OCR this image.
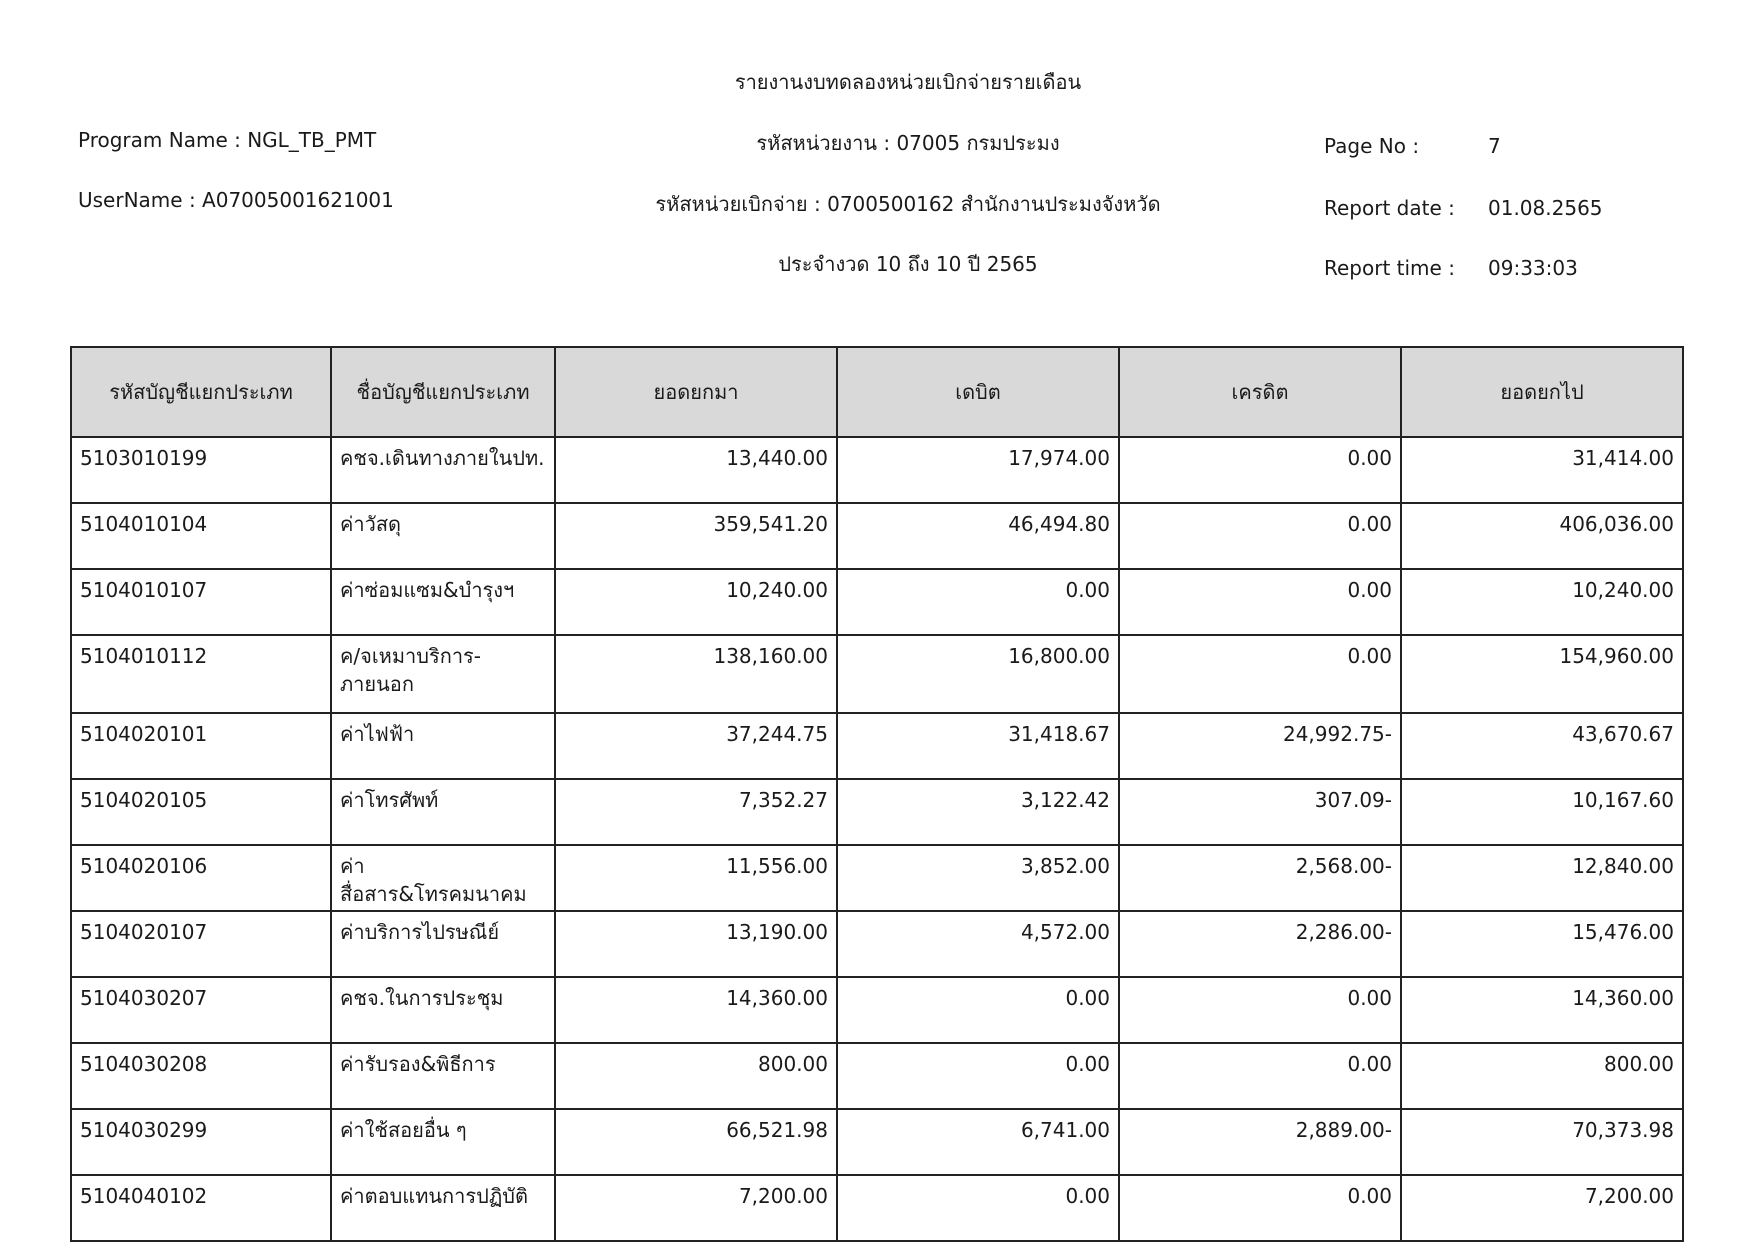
รายงานงบทดลองหน่วยเบิกจ่ายรายเดือน
Program Name : NGL_TB_PMT	รหัสหน่วยงาน : 07005 กรมประมง	Page No :	7
UserName : A07005001621001	รหัสหน่วยเบิกจ่าย : 0700500162 สำนักงานประมงจังหวัด	Report date : 01.08.2565
ประจำงวด 10 ถึง 10 ปี 2565	Report time : 09:33:03
รหัสบัญชีแยกประเภท	ชื่อบัญชีแยกประเภท	ยอดยกมา	เดบิต	เครดิต	ยอดยกไป
5103010199	คชจ.เดินทางภายในปท.	13,440.00	17,974.00	0.00	31,414.00
5104010104	ค่าวัสดุ	359,541.20	46,494.80	0.00	406,036.00
5104010107	ค่าซ่อมแซม&บำรุงฯ	10,240.00	0.00	0.00	10,240.00
5104010112	ค/จเหมาบริการ-ภายนอก	138,160.00	16,800.00	0.00	154,960.00
5104020101	ค่าไฟฟ้า	37,244.75	31,418.67	24,992.75-	43,670.67
5104020105	ค่าโทรศัพท์	7,352.27	3,122.42	307.09-	10,167.60
5104020106	ค่าสื่อสาร&โทรคมนาคม	11,556.00	3,852.00	2,568.00-	12,840.00
5104020107	ค่าบริการไปรษณีย์	13,190.00	4,572.00	2,286.00-	15,476.00
5104030207	คชจ.ในการประชุม	14,360.00	0.00	0.00	14,360.00
5104030208	ค่ารับรอง&พิธีการ	800.00	0.00	0.00	800.00
5104030299	ค่าใช้สอยอื่น ๆ	66,521.98	6,741.00	2,889.00-	70,373.98
5104040102	ค่าตอบแทนการปฏิบัติ	7,200.00	0.00	0.00	7,200.00
